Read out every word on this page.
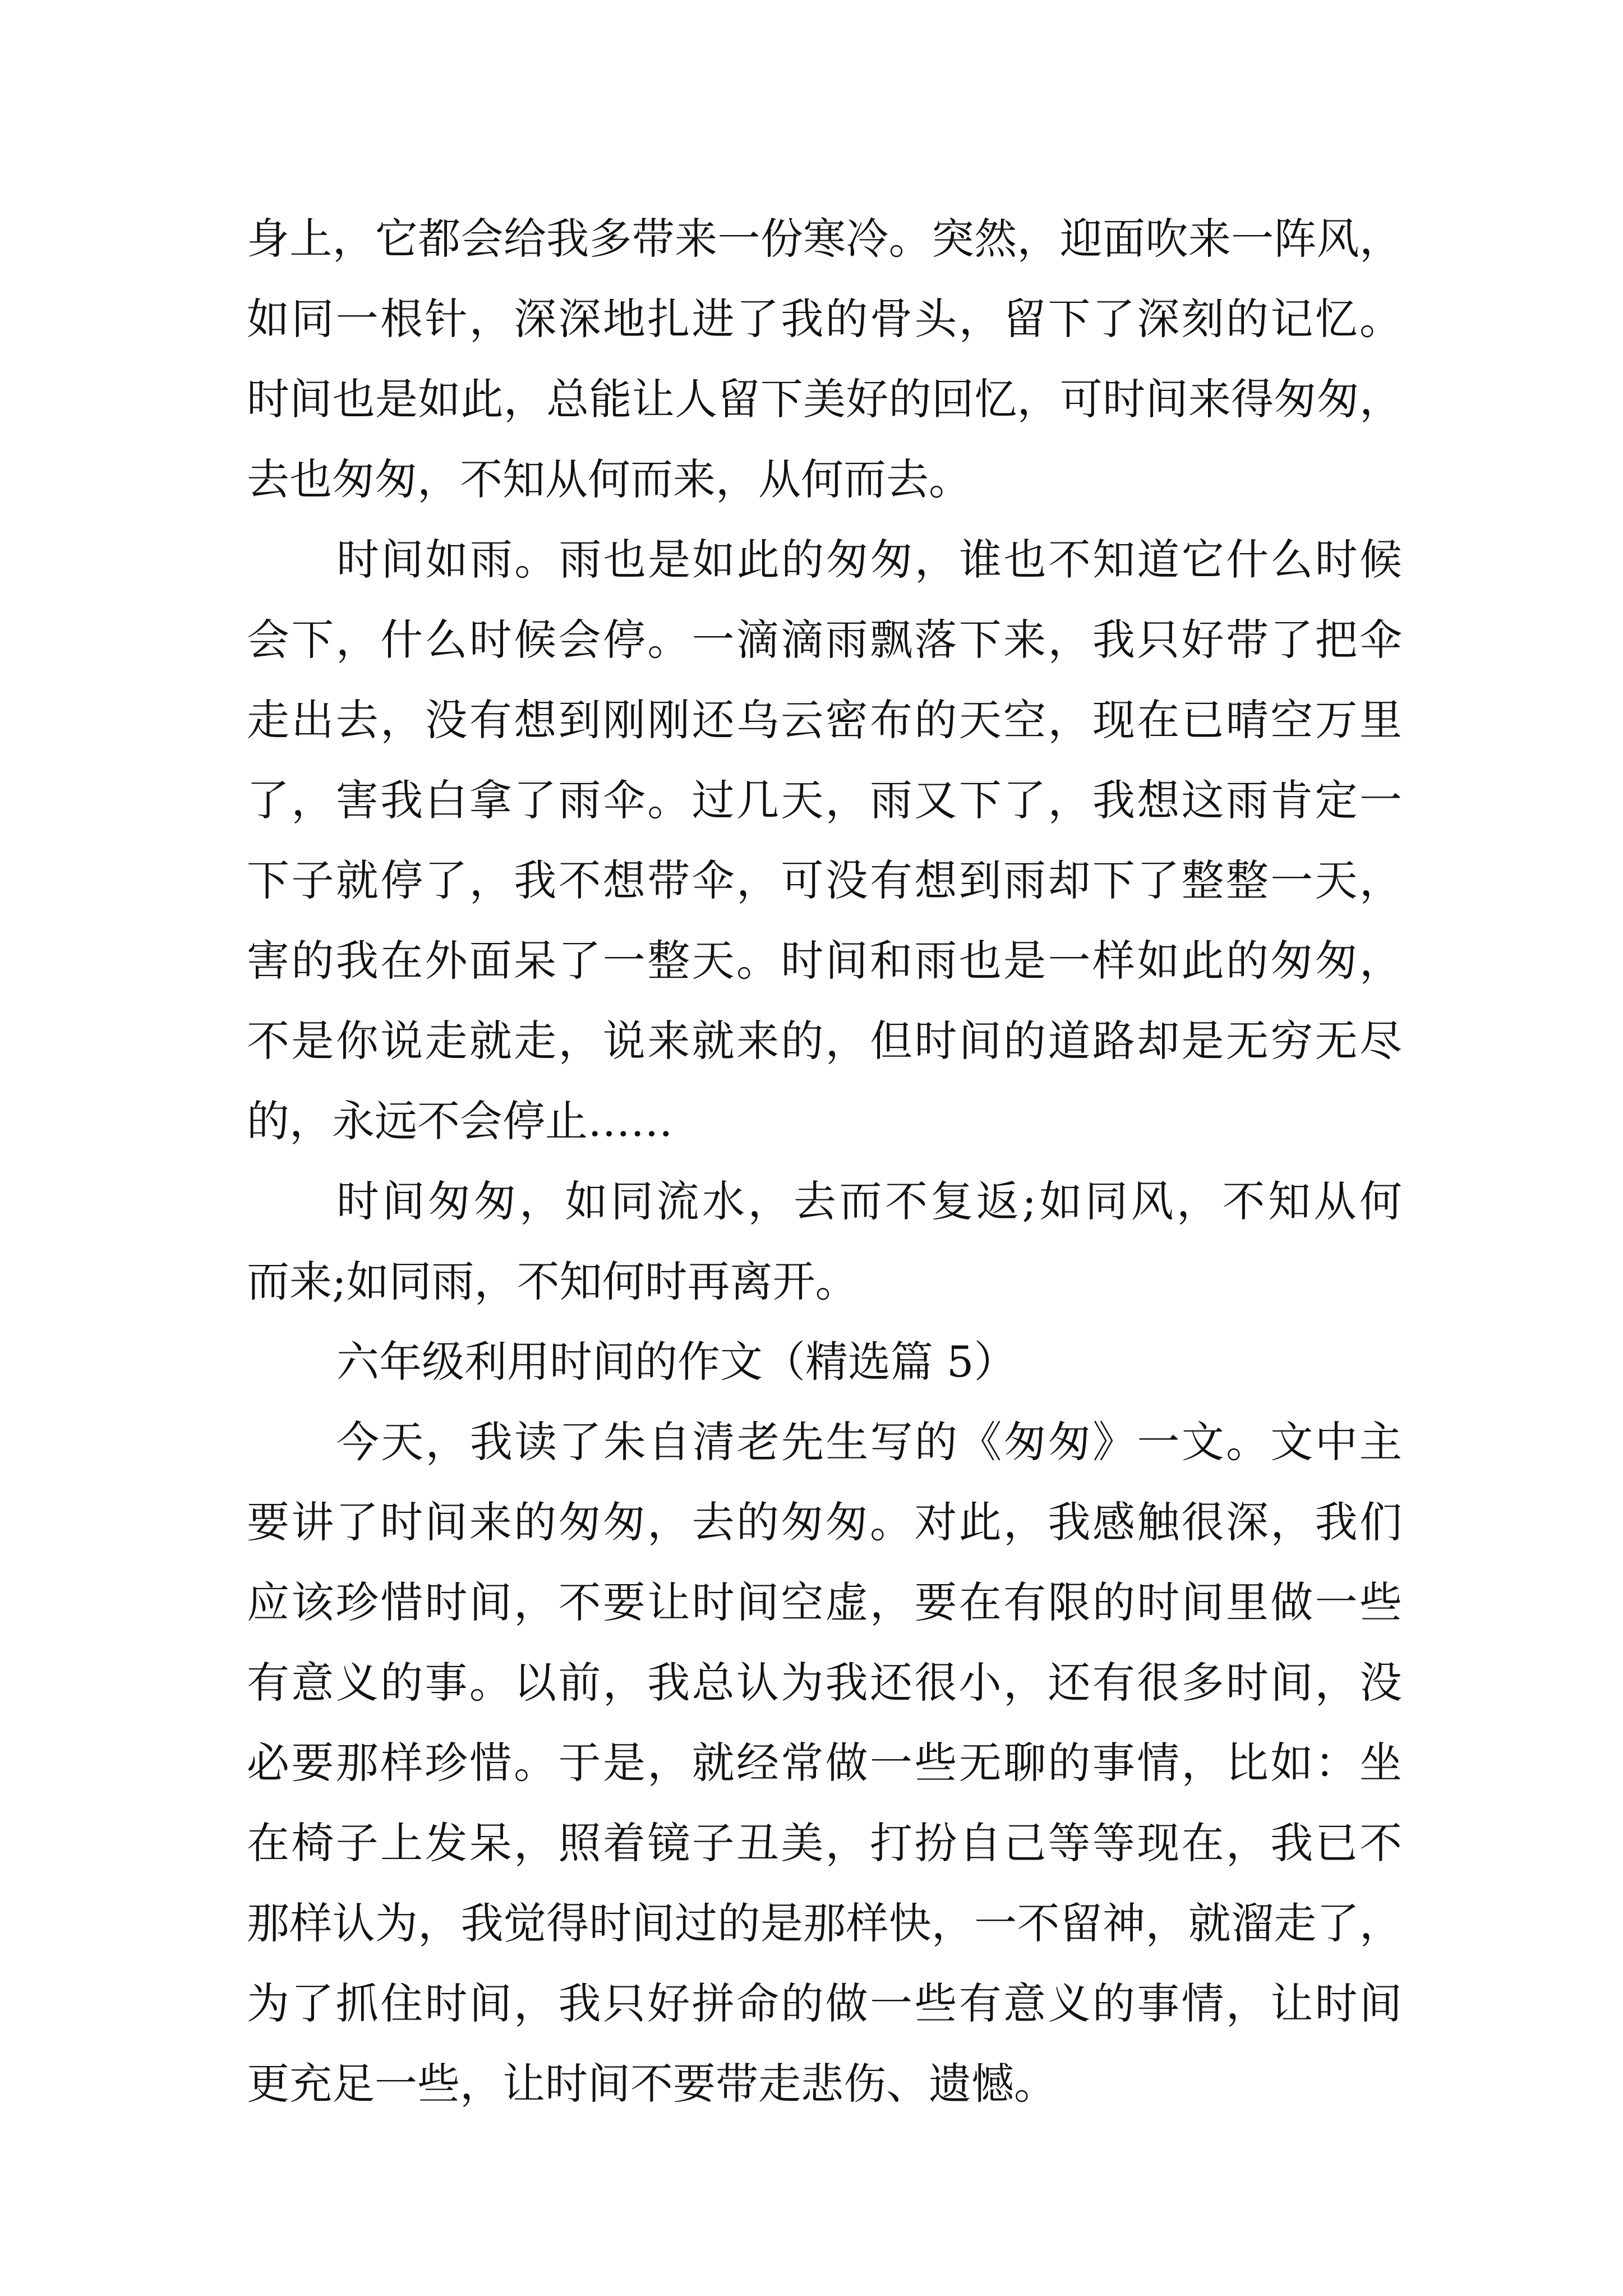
身上，它都会给我多带来一份寒冷。突然，迎面吹来一阵风，
如同一根针，深深地扎进了我的骨头，留下了深刻的记忆。
时间也是如此，总能让人留下美好的回忆，可时间来得匆匆，
去也匆匆，不知从何而来，从何而去。
时间如雨。雨也是如此的匆匆，谁也不知道它什么时候
会下，什么时候会停。一滴滴雨飘落下来，我只好带了把伞
走出去，没有想到刚刚还乌云密布的天空，现在已晴空万里
了，害我白拿了雨伞。过几天，雨又下了，我想这雨肯定一
下子就停了，我不想带伞，可没有想到雨却下了整整一天，
害的我在外面呆了一整天。时间和雨也是一样如此的匆匆，
不是你说走就走，说来就来的，但时间的道路却是无穷无尽
的，永远不会停止……
时间匆匆，如同流水，去而不复返;如同风，不知从何
而来;如同雨，不知何时再离开。
六年级利用时间的作文（精选篇 5）
今天，我读了朱自清老先生写的《匆匆》一文。文中主
要讲了时间来的匆匆，去的匆匆。对此，我感触很深，我们
应该珍惜时间，不要让时间空虚，要在有限的时间里做一些
有意义的事。以前，我总认为我还很小，还有很多时间，没
必要那样珍惜。于是，就经常做一些无聊的事情，比如：坐
在椅子上发呆，照着镜子丑美，打扮自己等等现在，我已不
那样认为，我觉得时间过的是那样快，一不留神，就溜走了，
为了抓住时间，我只好拼命的做一些有意义的事情，让时间
更充足一些，让时间不要带走悲伤、遗憾。
